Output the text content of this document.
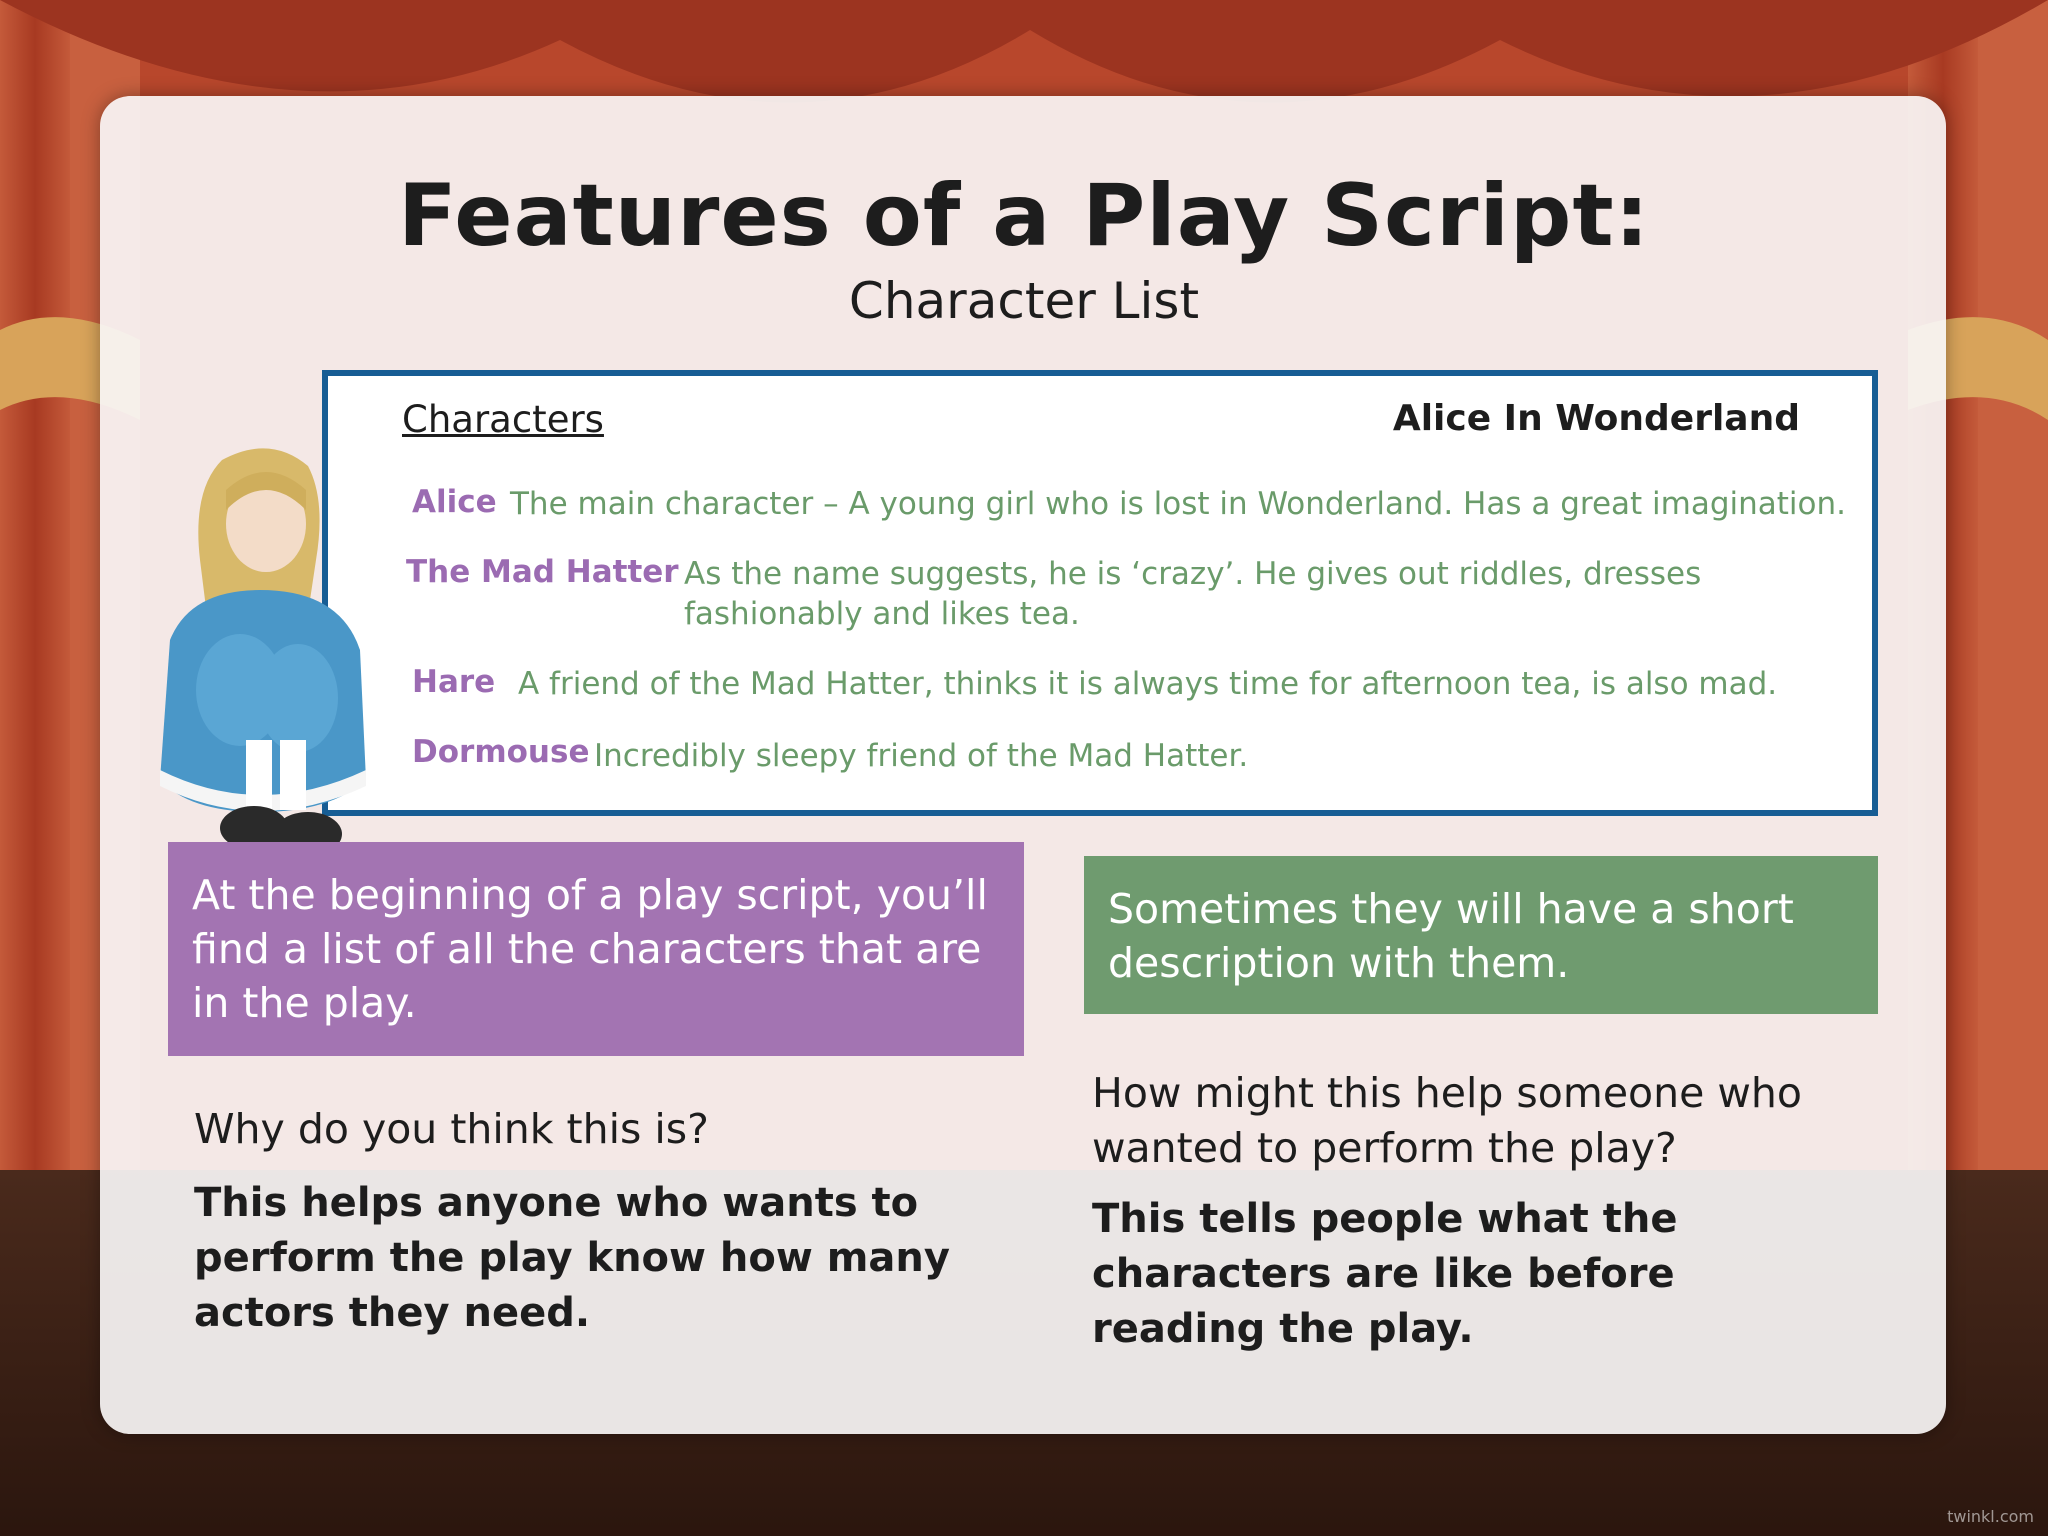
Features of a Play Script:
Character List
Characters	Alice In Wonderland
Alice The main character – A young girl who is lost in Wonderland. Has a great imagination.
The Mad Hatter As the name suggests, he is ‘crazy’. He gives out riddles, dresses
fashionably and likes tea.
Hare A friend of the Mad Hatter, thinks it is always time for afternoon tea, is also mad.
Dormouse Incredibly sleepy friend of the Mad Hatter.
At the beginning of a play script, you’ll find a list of all the characters that are in the play.
Sometimes they will have a short description with them.
Why do you think this is?
This helps anyone who wants to perform the play know how many actors they need.
How might this help someone who wanted to perform the play?
This tells people what the characters are like before reading the play.
twinkl.com
